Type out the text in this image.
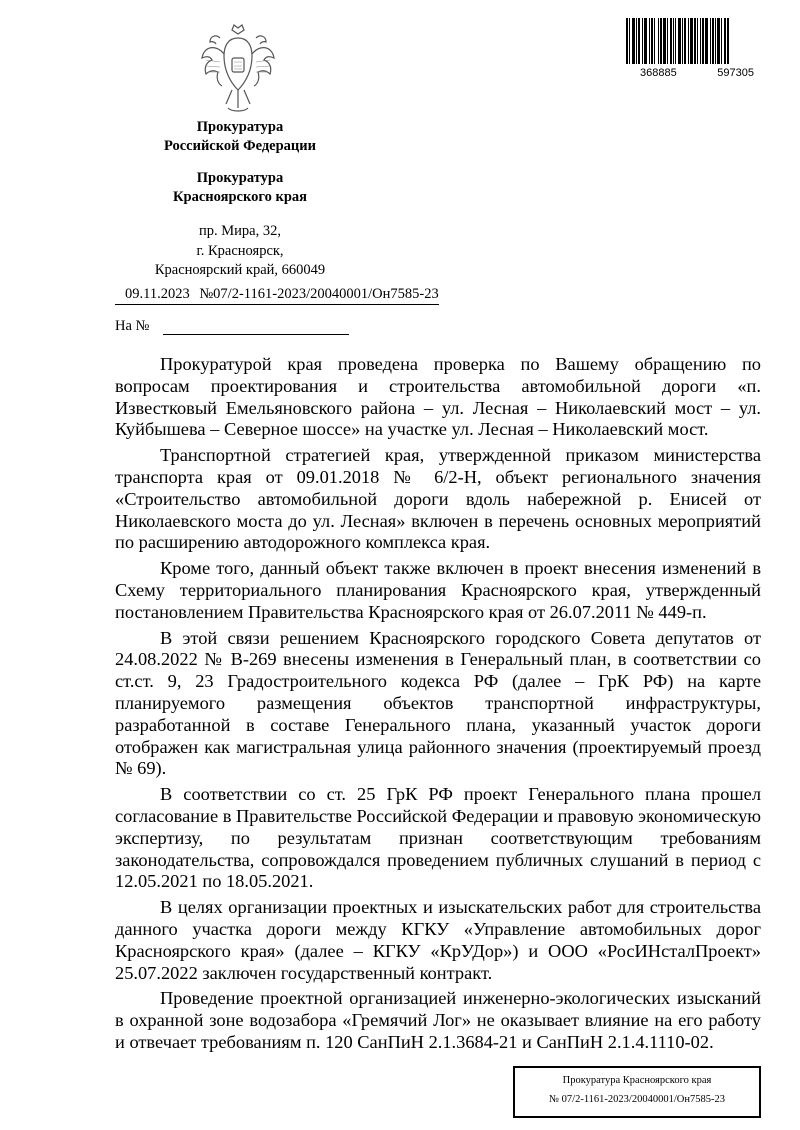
368885	597305
Прокуратура
Российской Федерации
Прокуратура
Красноярского края
пр. Мира, 32,
г. Красноярск,
Красноярский край, 660049
09.11.2023 №07/2-1161-2023/20040001/Он7585-23
На №

Прокуратурой края проведена проверка по Вашему обращению по вопросам проектирования и строительства автомобильной дороги «п. Известковый Емельяновского района – ул. Лесная – Николаевский мост – ул. Куйбышева – Северное шоссе» на участке ул. Лесная – Николаевский мост.

Транспортной стратегией края, утвержденной приказом министерства транспорта края от 09.01.2018 № 6/2-Н, объект регионального значения «Строительство автомобильной дороги вдоль набережной р. Енисей от Николаевского моста до ул. Лесная» включен в перечень основных мероприятий по расширению автодорожного комплекса края.

Кроме того, данный объект также включен в проект внесения изменений в Схему территориального планирования Красноярского края, утвержденный постановлением Правительства Красноярского края от 26.07.2011 № 449-п.

В этой связи решением Красноярского городского Совета депутатов от 24.08.2022 № В-269 внесены изменения в Генеральный план, в соответствии со ст.ст. 9, 23 Градостроительного кодекса РФ (далее – ГрК РФ) на карте планируемого размещения объектов транспортной инфраструктуры, разработанной в составе Генерального плана, указанный участок дороги отображен как магистральная улица районного значения (проектируемый проезд № 69).

В соответствии со ст. 25 ГрК РФ проект Генерального плана прошел согласование в Правительстве Российской Федерации и правовую экономическую экспертизу, по результатам признан соответствующим требованиям законодательства, сопровождался проведением публичных слушаний в период с 12.05.2021 по 18.05.2021.

В целях организации проектных и изыскательских работ для строительства данного участка дороги между КГКУ «Управление автомобильных дорог Красноярского края» (далее – КГКУ «КрУДор») и ООО «РосИНсталПроект» 25.07.2022 заключен государственный контракт.

Проведение проектной организацией инженерно-экологических изысканий в охранной зоне водозабора «Гремячий Лог» не оказывает влияние на его работу и отвечает требованиям п. 120 СанПиН 2.1.3684-21 и СанПиН 2.1.4.1110-02.

Прокуратура Красноярского края
№ 07/2-1161-2023/20040001/Он7585-23
